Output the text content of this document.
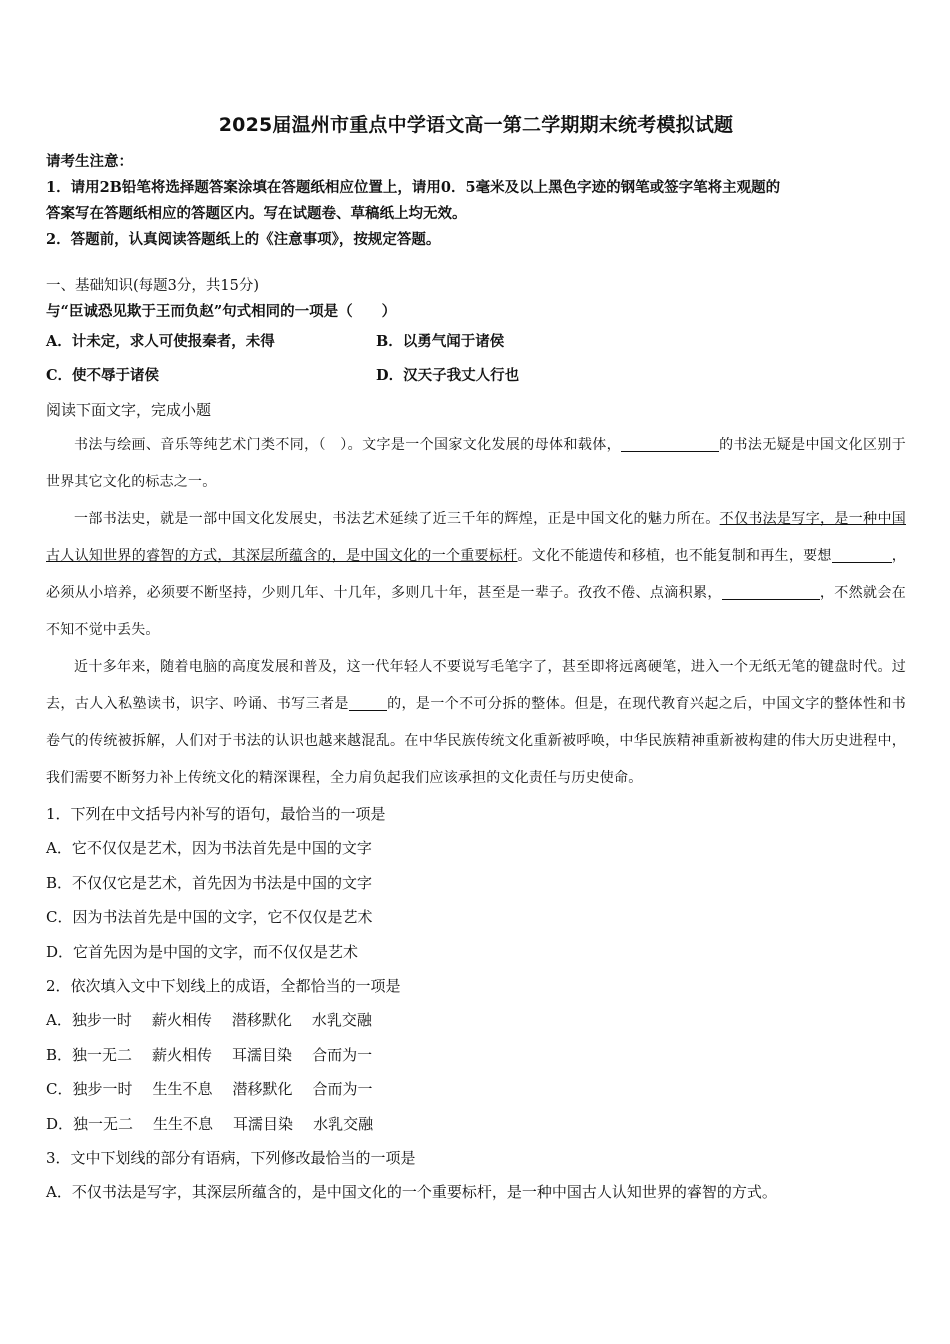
2025届温州市重点中学语文高一第二学期期末统考模拟试题
请考生注意：
1．请用2B铅笔将选择题答案涂填在答题纸相应位置上，请用0．5毫米及以上黑色字迹的钢笔或签字笔将主观题的
答案写在答题纸相应的答题区内。写在试题卷、草稿纸上均无效。
2．答题前，认真阅读答题纸上的《注意事项》，按规定答题。
一、基础知识(每题3分，共15分)
与“臣诚恐见欺于王而负赵”句式相同的一项是（　　）
A．计未定，求人可使报秦者，未得	B．以勇气闻于诸侯
C．使不辱于诸侯	D．汉天子我丈人行也
阅读下面文字，完成小题
书法与绘画、音乐等纯艺术门类不同，（　）。文字是一个国家文化发展的母体和载体，	的书法无疑是中国文化区别于世界其它文化的标志之一。
一部书法史，就是一部中国文化发展史，书法艺术延续了近三千年的辉煌，正是中国文化的魅力所在。不仅书法是写字，是一种中国古人认知世界的睿智的方式，其深层所蕴含的，是中国文化的一个重要标杆。文化不能遗传和移植，也不能复制和再生，要想	，必须从小培养，必须要不断坚持，少则几年、十几年，多则几十年，甚至是一辈子。孜孜不倦、点滴积累，	，不然就会在不知不觉中丢失。
近十多年来，随着电脑的高度发展和普及，这一代年轻人不要说写毛笔字了，甚至即将远离硬笔，进入一个无纸无笔的键盘时代。过去，古人入私塾读书，识字、吟诵、书写三者是	的，是一个不可分拆的整体。但是，在现代教育兴起之后，中国文字的整体性和书卷气的传统被拆解，人们对于书法的认识也越来越混乱。在中华民族传统文化重新被呼唤，中华民族精神重新被构建的伟大历史进程中，我们需要不断努力补上传统文化的精深课程，全力肩负起我们应该承担的文化责任与历史使命。
1．下列在中文括号内补写的语句，最恰当的一项是
A．它不仅仅是艺术，因为书法首先是中国的文字
B．不仅仅它是艺术，首先因为书法是中国的文字
C．因为书法首先是中国的文字，它不仅仅是艺术
D．它首先因为是中国的文字，而不仅仅是艺术
2．依次填入文中下划线上的成语，全都恰当的一项是
A．独步一时 薪火相传 潜移默化 水乳交融
B．独一无二 薪火相传 耳濡目染 合而为一
C．独步一时 生生不息 潜移默化 合而为一
D．独一无二 生生不息 耳濡目染 水乳交融
3．文中下划线的部分有语病，下列修改最恰当的一项是
A．不仅书法是写字，其深层所蕴含的，是中国文化的一个重要标杆，是一种中国古人认知世界的睿智的方式。
